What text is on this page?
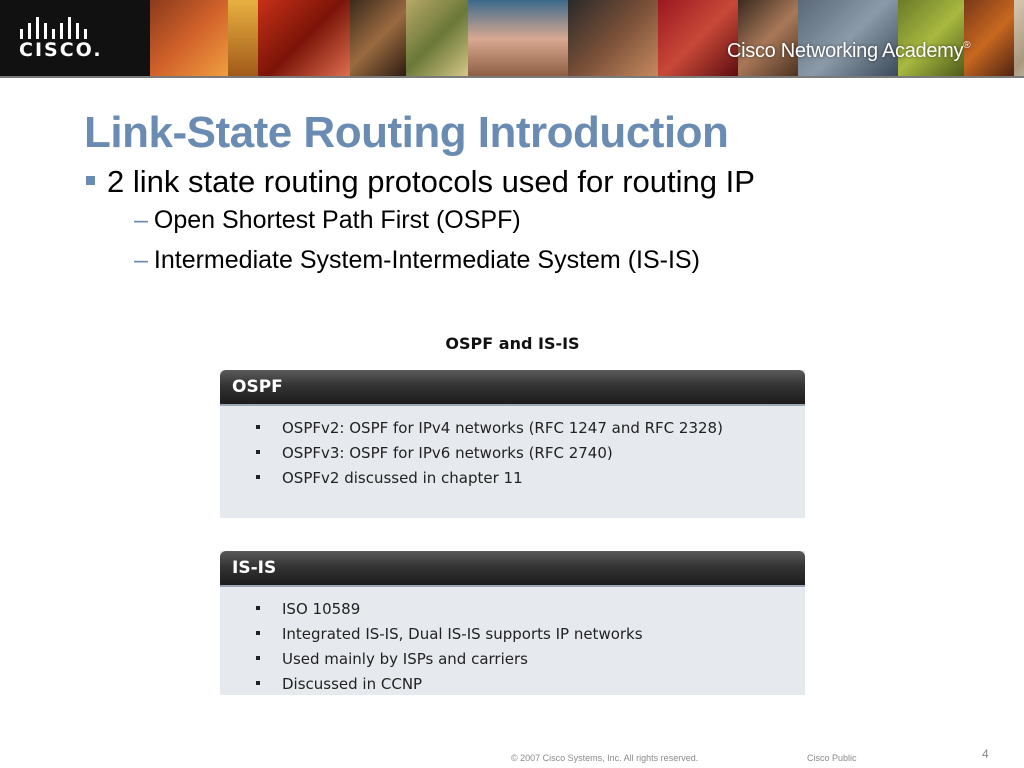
CISCO.	Cisco Networking Academy®
Link-State Routing Introduction
2 link state routing protocols used for routing IP
– Open Shortest Path First (OSPF)
– Intermediate System-Intermediate System (IS-IS)
OSPF and IS-IS
OSPF
OSPFv2: OSPF for IPv4 networks (RFC 1247 and RFC 2328)
OSPFv3: OSPF for IPv6 networks (RFC 2740)
OSPFv2 discussed in chapter 11
IS-IS
ISO 10589
Integrated IS-IS, Dual IS-IS supports IP networks
Used mainly by ISPs and carriers
Discussed in CCNP
© 2007 Cisco Systems, Inc. All rights reserved.	Cisco Public	4
